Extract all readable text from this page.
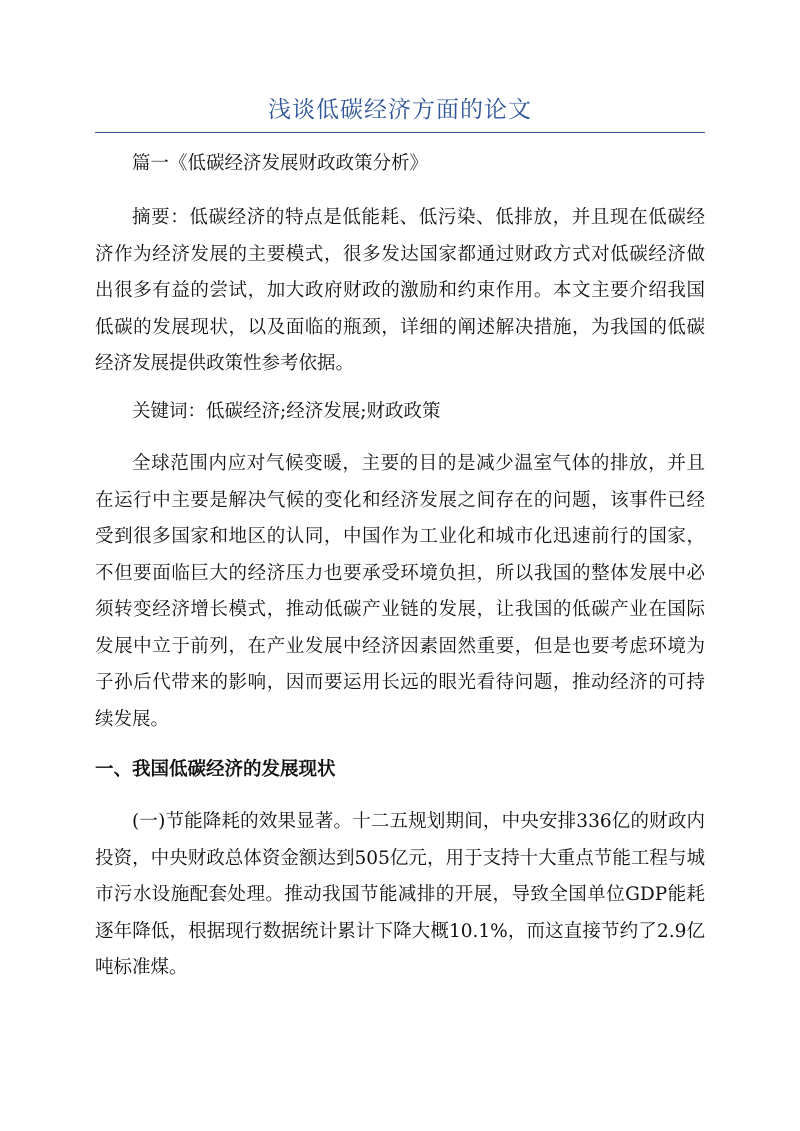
浅谈低碳经济方面的论文

篇一《低碳经济发展财政政策分析》

摘要：低碳经济的特点是低能耗、低污染、低排放，并且现在低碳经济作为经济发展的主要模式，很多发达国家都通过财政方式对低碳经济做出很多有益的尝试，加大政府财政的激励和约束作用。本文主要介绍我国低碳的发展现状，以及面临的瓶颈，详细的阐述解决措施，为我国的低碳经济发展提供政策性参考依据。

关键词：低碳经济;经济发展;财政政策

全球范围内应对气候变暖，主要的目的是减少温室气体的排放，并且在运行中主要是解决气候的变化和经济发展之间存在的问题，该事件已经受到很多国家和地区的认同，中国作为工业化和城市化迅速前行的国家，不但要面临巨大的经济压力也要承受环境负担，所以我国的整体发展中必须转变经济增长模式，推动低碳产业链的发展，让我国的低碳产业在国际发展中立于前列，在产业发展中经济因素固然重要，但是也要考虑环境为子孙后代带来的影响，因而要运用长远的眼光看待问题，推动经济的可持续发展。

一、我国低碳经济的发展现状

(一)节能降耗的效果显著。十二五规划期间，中央安排336亿的财政内投资，中央财政总体资金额达到505亿元，用于支持十大重点节能工程与城市污水设施配套处理。推动我国节能减排的开展，导致全国单位GDP能耗逐年降低，根据现行数据统计累计下降大概10.1%，而这直接节约了2.9亿吨标准煤。
